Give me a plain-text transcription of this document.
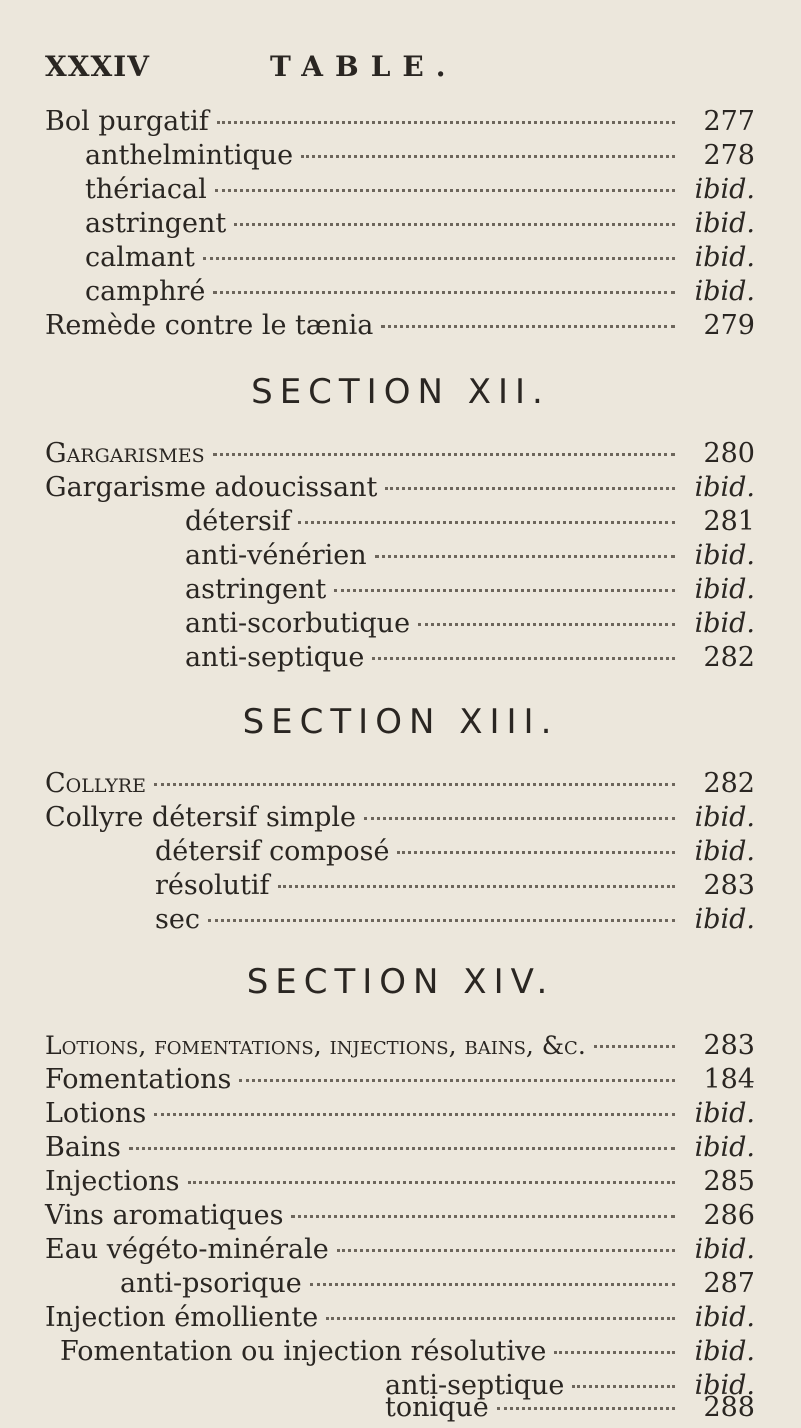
XXXIV	TABLE.
Bol purgatif	277
anthelmintique	278
thériacal	ibid.
astringent	ibid.
calmant	ibid.
camphré	ibid.
Remède contre le tænia	279
SECTION XII.
Gargarismes	280
Gargarisme adoucissant	ibid.
détersif	281
anti-vénérien	ibid.
astringent	ibid.
anti-scorbutique	ibid.
anti-septique	282
SECTION XIII.
Collyre	282
Collyre détersif simple	ibid.
détersif composé	ibid.
résolutif	283
sec	ibid.
SECTION XIV.
Lotions, fomentations, injections, bains, &c.	283
Fomentations	184
Lotions	ibid.
Bains	ibid.
Injections	285
Vins aromatiques	286
Eau végéto-minérale	ibid.
anti-psorique	287
Injection émolliente	ibid.
Fomentation ou injection résolutive	ibid.
anti-septique	ibid.
tonique	288
